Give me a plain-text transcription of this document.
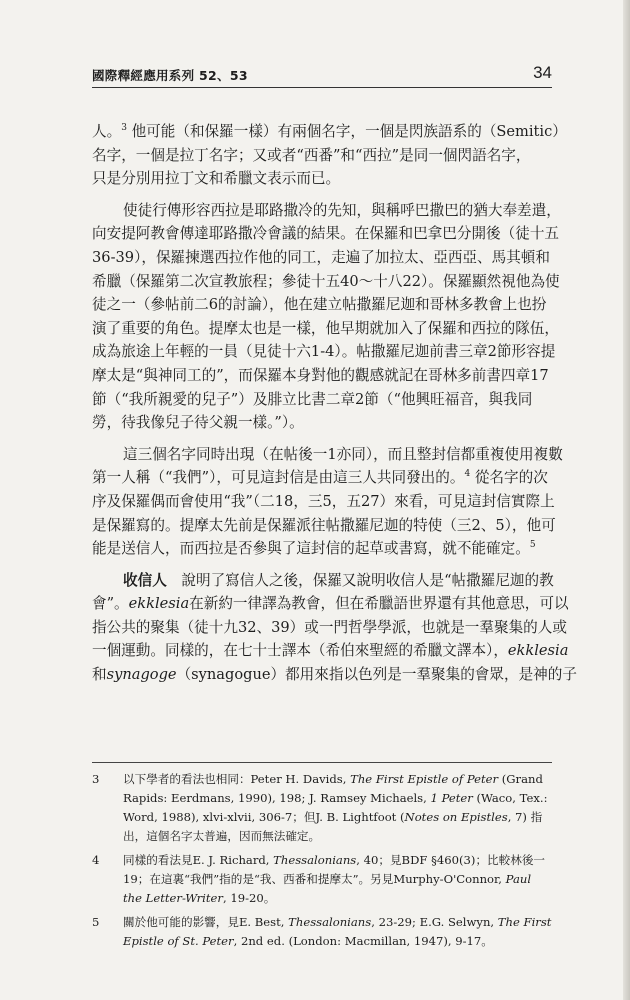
國際釋經應用系列 52、53	34

人。$^3$ 他可能（和保羅一樣）有兩個名字，一個是閃族語系的（Semitic）
名字，一個是拉丁名字；又或者“西番”和“西拉”是同一個閃語名字，
只是分別用拉丁文和希臘文表示而已。

使徒行傳形容西拉是耶路撒冷的先知，與稱呼巴撒巴的猶大奉差遣，
向安提阿教會傳達耶路撒冷會議的結果。在保羅和巴拿巴分開後（徒十五
36-39），保羅揀選西拉作他的同工，走遍了加拉太、亞西亞、馬其頓和
希臘（保羅第二次宣教旅程；參徒十五40〜十八22）。保羅顯然視他為使
徒之一（參帖前二6的討論），他在建立帖撒羅尼迦和哥林多教會上也扮
演了重要的角色。提摩太也是一樣，他早期就加入了保羅和西拉的隊伍，
成為旅途上年輕的一員（見徒十六1-4）。帖撒羅尼迦前書三章2節形容提
摩太是“與神同工的”，而保羅本身對他的觀感就記在哥林多前書四章17
節（“我所親愛的兒子”）及腓立比書二章2節（“他興旺福音，與我同
勞，待我像兒子待父親一樣。”）。

這三個名字同時出現（在帖後一1亦同），而且整封信都重複使用複數
第一人稱（“我們”），可見這封信是由這三人共同發出的。$^4$ 從名字的次
序及保羅偶而會使用“我”（二18，三5，五27）來看，可見這封信實際上
是保羅寫的。提摩太先前是保羅派往帖撒羅尼迦的特使（三2、5），他可
能是送信人，而西拉是否參與了這封信的起草或書寫，就不能確定。$^5$

收信人　說明了寫信人之後，保羅又說明收信人是“帖撒羅尼迦的教
會”。ekklesia在新約一律譯為教會，但在希臘語世界還有其他意思，可以
指公共的聚集（徒十九32、39）或一門哲學學派，也就是一羣聚集的人或
一個運動。同樣的，在七十士譯本（希伯來聖經的希臘文譯本），ekklesia
和synagoge（synagogue）都用來指以色列是一羣聚集的會眾，是神的子

3 以下學者的看法也相同：Peter H. Davids, The First Epistle of Peter (Grand Rapids: Eerdmans, 1990), 198; J. Ramsey Michaels, 1 Peter (Waco, Tex.: Word, 1988), xlvi-xlvii, 306-7；但J. B. Lightfoot (Notes on Epistles, 7) 指出，這個名字太普遍，因而無法確定。
4 同樣的看法見E. J. Richard, Thessalonians, 40；見BDF §460(3)；比較林後一19；在這裏“我們”指的是“我、西番和提摩太”。另見Murphy-O'Connor, Paul the Letter-Writer, 19-20。
5 關於他可能的影響，見E. Best, Thessalonians, 23-29; E.G. Selwyn, The First Epistle of St. Peter, 2nd ed. (London: Macmillan, 1947), 9-17。
